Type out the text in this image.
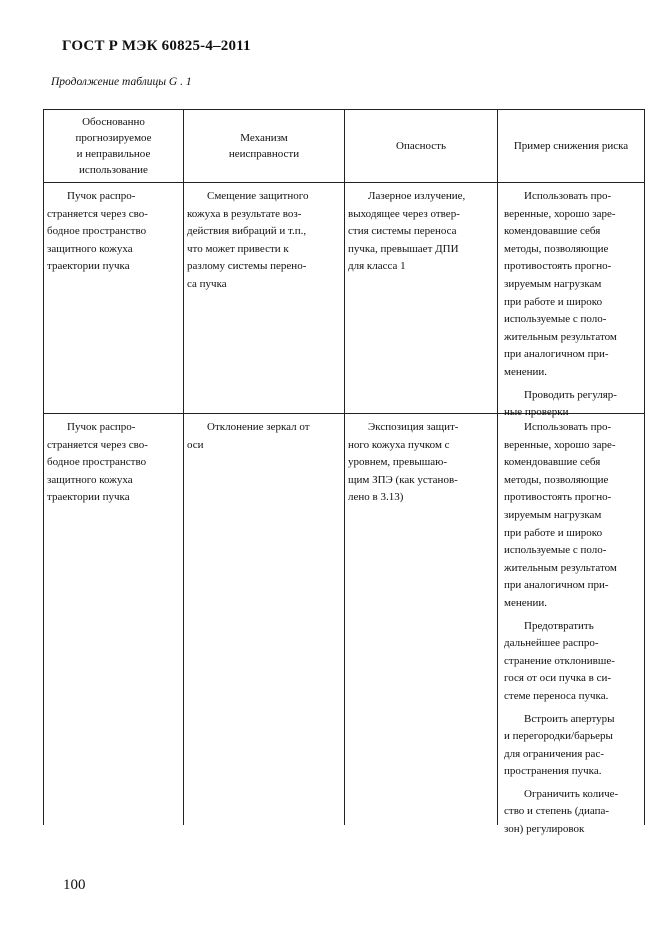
ГОСТ Р МЭК 60825-4–2011
Продолжение таблицы G . 1
Обоснованно
прогнозируемое
и неправильное
использование
Механизм
неисправности
Опасность	Пример снижения риска

Пучок распро-
страняется через сво-
бодное пространство
защитного кожуха
траектории пучка

Смещение защитного
кожуха в результате воз-
действия вибраций и т.п.,
что может привести к
разлому системы перено-
са пучка

Лазерное излучение,
выходящее через отвер-
стия системы переноса
пучка, превышает ДПИ
для класса 1

Использовать про-
веренные, хорошо заре-
комендовавшие себя
методы, позволяющие
противостоять прогно-
зируемым нагрузкам
при работе и широко
используемые с поло-
жительным результатом
при аналогичном при-
менении.

Проводить регуляр-
ные проверки

Пучок распро-
страняется через сво-
бодное пространство
защитного кожуха
траектории пучка

Отклонение зеркал от
оси

Экспозиция защит-
ного кожуха пучком с
уровнем, превышаю-
щим ЗПЭ (как установ-
лено в 3.13)

Использовать про-
веренные, хорошо заре-
комендовавшие себя
методы, позволяющие
противостоять прогно-
зируемым нагрузкам
при работе и широко
используемые с поло-
жительным результатом
при аналогичном при-
менении.

Предотвратить
дальнейшее распро-
странение отклонивше-
гося от оси пучка в си-
стеме переноса пучка.

Встроить апертуры
и перегородки/барьеры
для ограничения рас-
пространения пучка.

Ограничить количе-
ство и степень (диапа-
зон) регулировок

100
